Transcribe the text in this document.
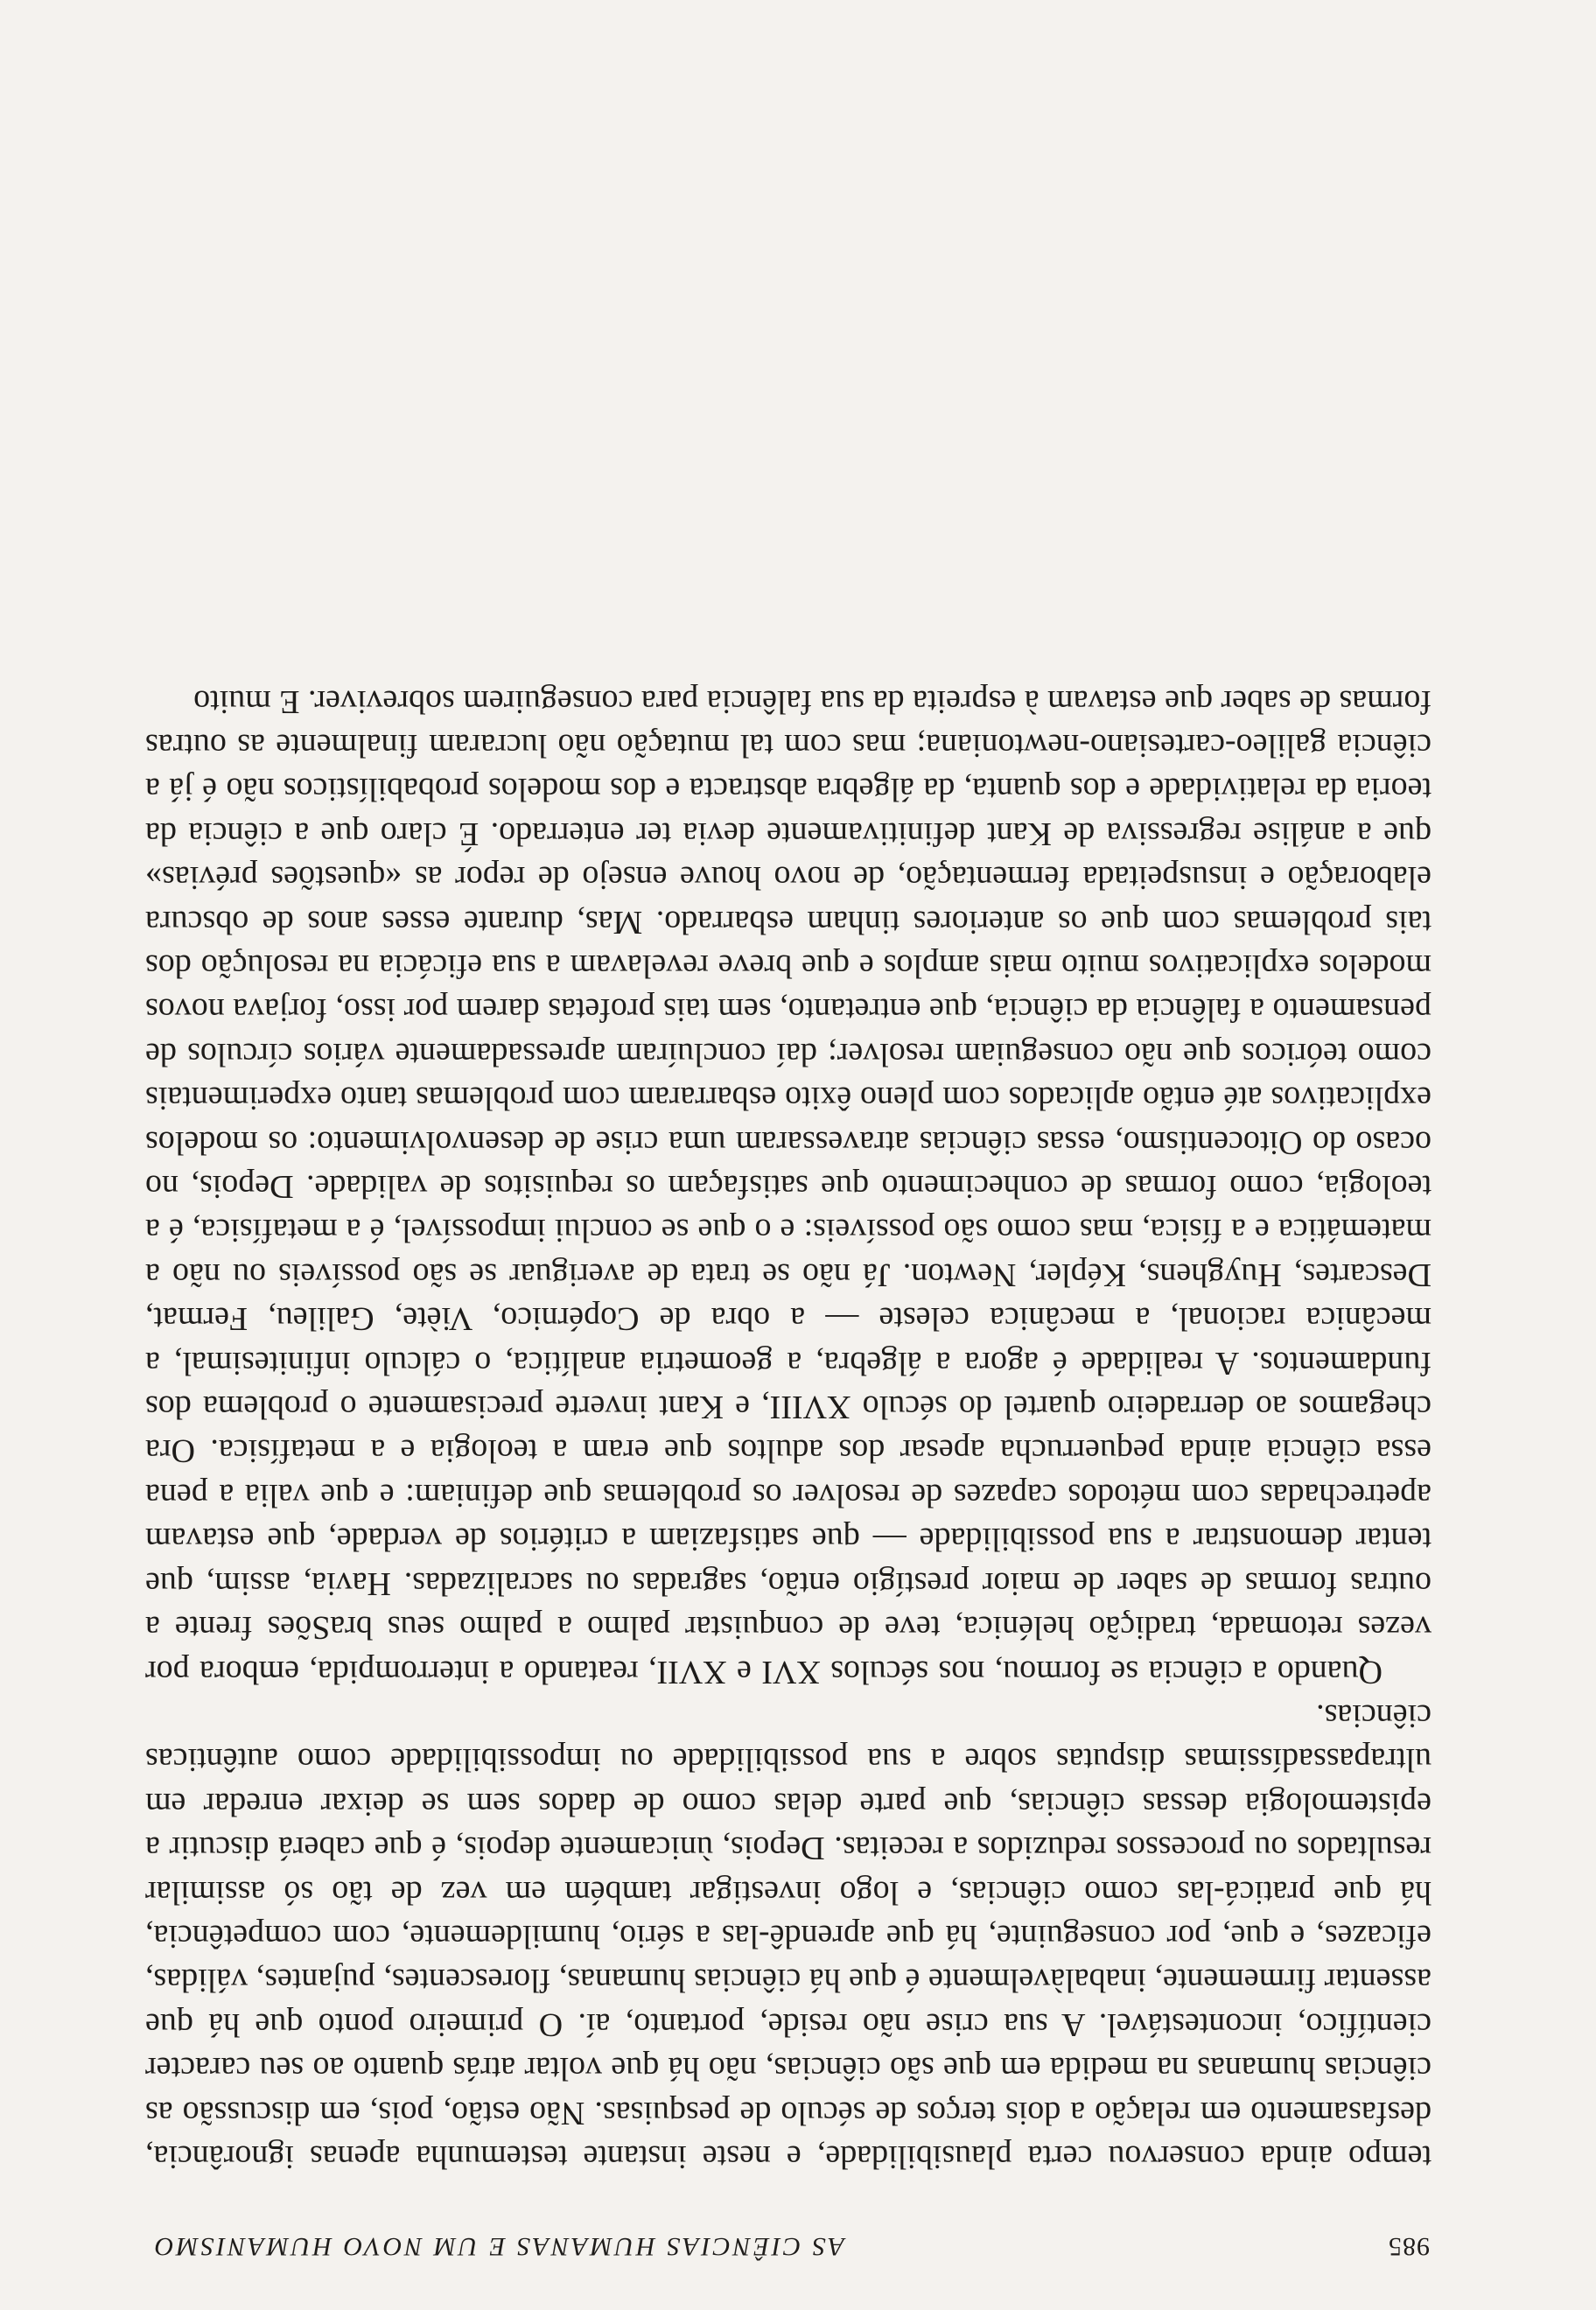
985
AS CIÊNCIAS HUMANAS E UM NOVO HUMANISMO

tempo ainda conservou certa plausibilidade, e neste instante testemunha apenas ignorância, desfasamento em relação a dois terços de século de pesquisas. Não estão, pois, em discussão as ciências humanas na medida em que são ciências, não há que voltar atrás quanto ao seu caracter científico, incontestável. A sua crise não reside, portanto, aí. O primeiro ponto que há que assentar firmemente, inabalàvelmente é que há ciências humanas, florescentes, pujantes, válidas, eficazes, e que, por conseguinte, há que aprendê-las a sério, humildemente, com competência, há que praticá-las como ciências, e logo investigar também em vez de tão só assimilar resultados ou processos reduzidos a receitas. Depois, ùnicamente depois, é que caberá discutir a epistemologia dessas ciências, que parte delas como de dados sem se deixar enredar em ultrapassadíssimas disputas sobre a sua possibilidade ou impossibilidade como autênticas ciências.

Quando a ciência se formou, nos séculos XVI e XVII, reatando a interrompida, embora por vezes retomada, tradição helénica, teve de conquistar palmo a palmo seus braSões frente a outras formas de saber de maior prestígio então, sagradas ou sacralizadas. Havia, assim, que tentar demonstrar a sua possibilidade — que satisfaziam a critérios de verdade, que estavam apetrechadas com métodos capazes de resolver os problemas que definiam: e que valia a pena essa ciência ainda pequerrucha apesar dos adultos que eram a teologia e a metafísica. Ora chegamos ao derradeiro quartel do século XVIII, e Kant inverte precisamente o problema dos fundamentos. A realidade é agora a álgebra, a geometria analítica, o cálculo infinitesimal, a mecânica racional, a mecânica celeste — a obra de Copérnico, Viète, Galileu, Fermat, Descartes, Huyghens, Képler, Newton. Já não se trata de averiguar se são possíveis ou não a matemática e a física, mas como são possíveis: e o que se conclui impossível, é a metafísica, é a teologia, como formas de conhecimento que satisfaçam os requisitos de validade. Depois, no ocaso do Oitocentismo, essas ciências atravessaram uma crise de desenvolvimento: os modelos explicativos até então aplicados com pleno êxito esbarraram com problemas tanto experimentais como teóricos que não conseguiam resolver; daí concluíram apressadamente vários círculos de pensamento a falência da ciência, que entretanto, sem tais profetas darem por isso, forjava novos modelos explicativos muito mais amplos e que breve revelavam a sua eficácia na resolução dos tais problemas com que os anteriores tinham esbarrado. Mas, durante esses anos de obscura elaboração e insuspeitada fermentação, de novo houve ensejo de repor as «questões prévias» que a análise regressiva de Kant definitivamente devia ter enterrado. É claro que a ciência da teoria da relatividade e dos quanta, da álgebra abstracta e dos modelos probabilísticos não é já a ciência galileo-cartesiano-newtoniana; mas com tal mutação não lucraram finalmente as outras formas de saber que estavam à espreita da sua falência para conseguirem sobreviver. E muito
